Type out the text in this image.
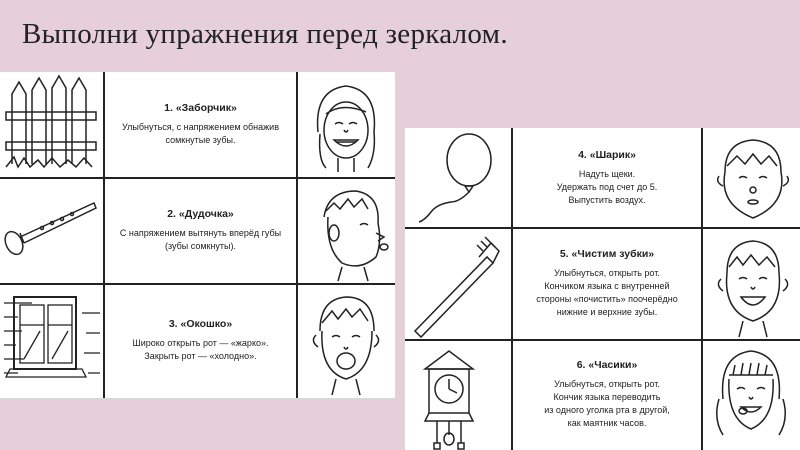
Выполни упражнения перед зеркалом.
1. «Заборчик»
Улыбнуться, с напряжением обнажив
сомкнутые зубы.
2. «Дудочка»
С напряжением вытянуть вперёд губы
(зубы сомкнуты).
3. «Окошко»
Широко открыть рот — «жарко».
Закрыть рот — «холодно».
4. «Шарик»
Надуть щеки.
Удержать под счет до 5.
Выпустить воздух.
5. «Чистим зубки»
Улыбнуться, открыть рот.
Кончиком языка с внутренней
стороны «почистить» поочерёдно
нижние и верхние зубы.
6. «Часики»
Улыбнуться, открыть рот.
Кончик языка переводить
из одного уголка рта в другой,
как маятник часов.
